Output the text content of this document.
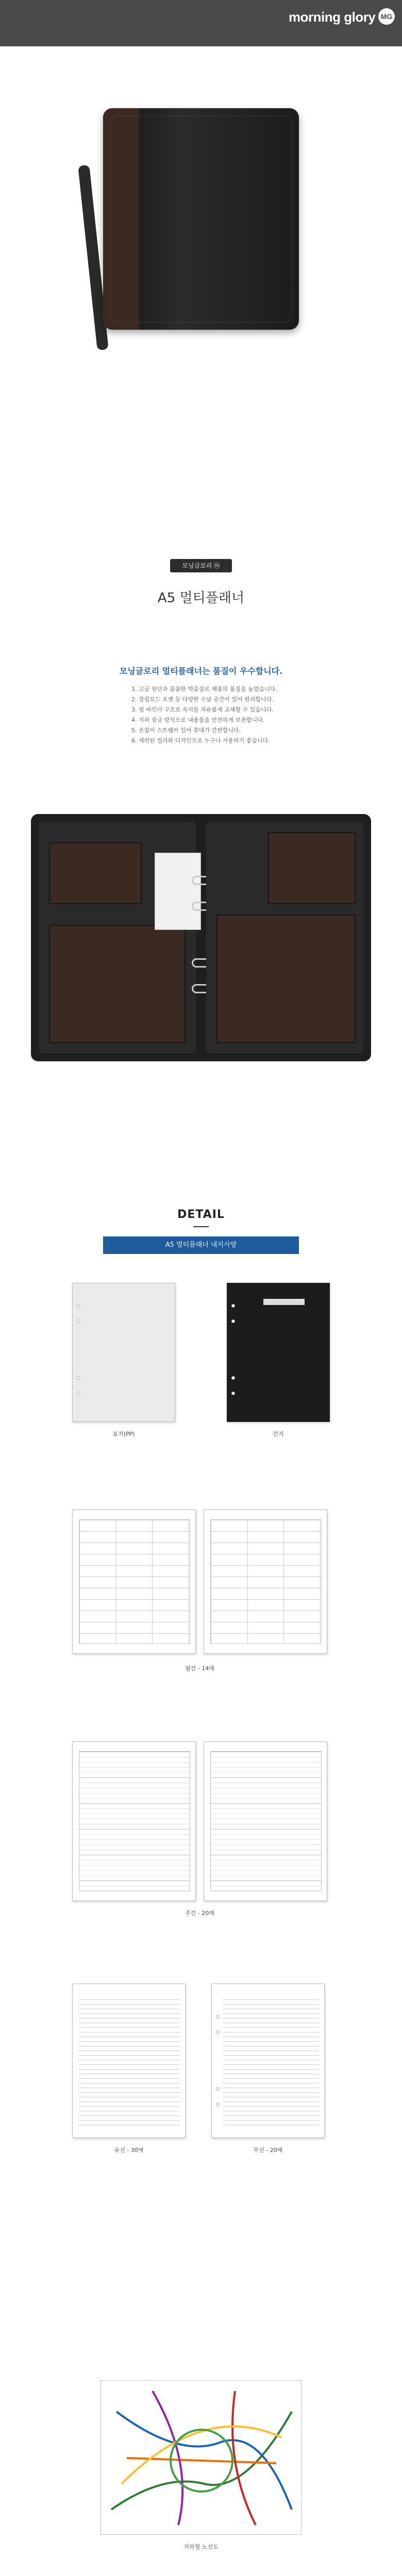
morning glory MG
모닝글로리 ⓜ
A5 멀티플래너
모닝글로리 멀티플래너는 품질이 우수합니다.
1. 고급 원단과 꼼꼼한 박음질로 제품의 품질을 높였습니다.
2. 클립보드 포켓 등 다양한 수납 공간이 있어 편리합니다.
3. 링 바인더 구조로 속지를 자유롭게 교체할 수 있습니다.
4. 지퍼 잠금 방식으로 내용물을 안전하게 보관합니다.
5. 손잡이 스트랩이 있어 휴대가 간편합니다.
6. 세련된 컬러와 디자인으로 누구나 사용하기 좋습니다.
DETAIL
A5 멀티플래너 내지사양
표지(PP)	간지
월간 - 14매
주간 - 20매
유선 - 30매	무선 - 20매
지하철 노선도
